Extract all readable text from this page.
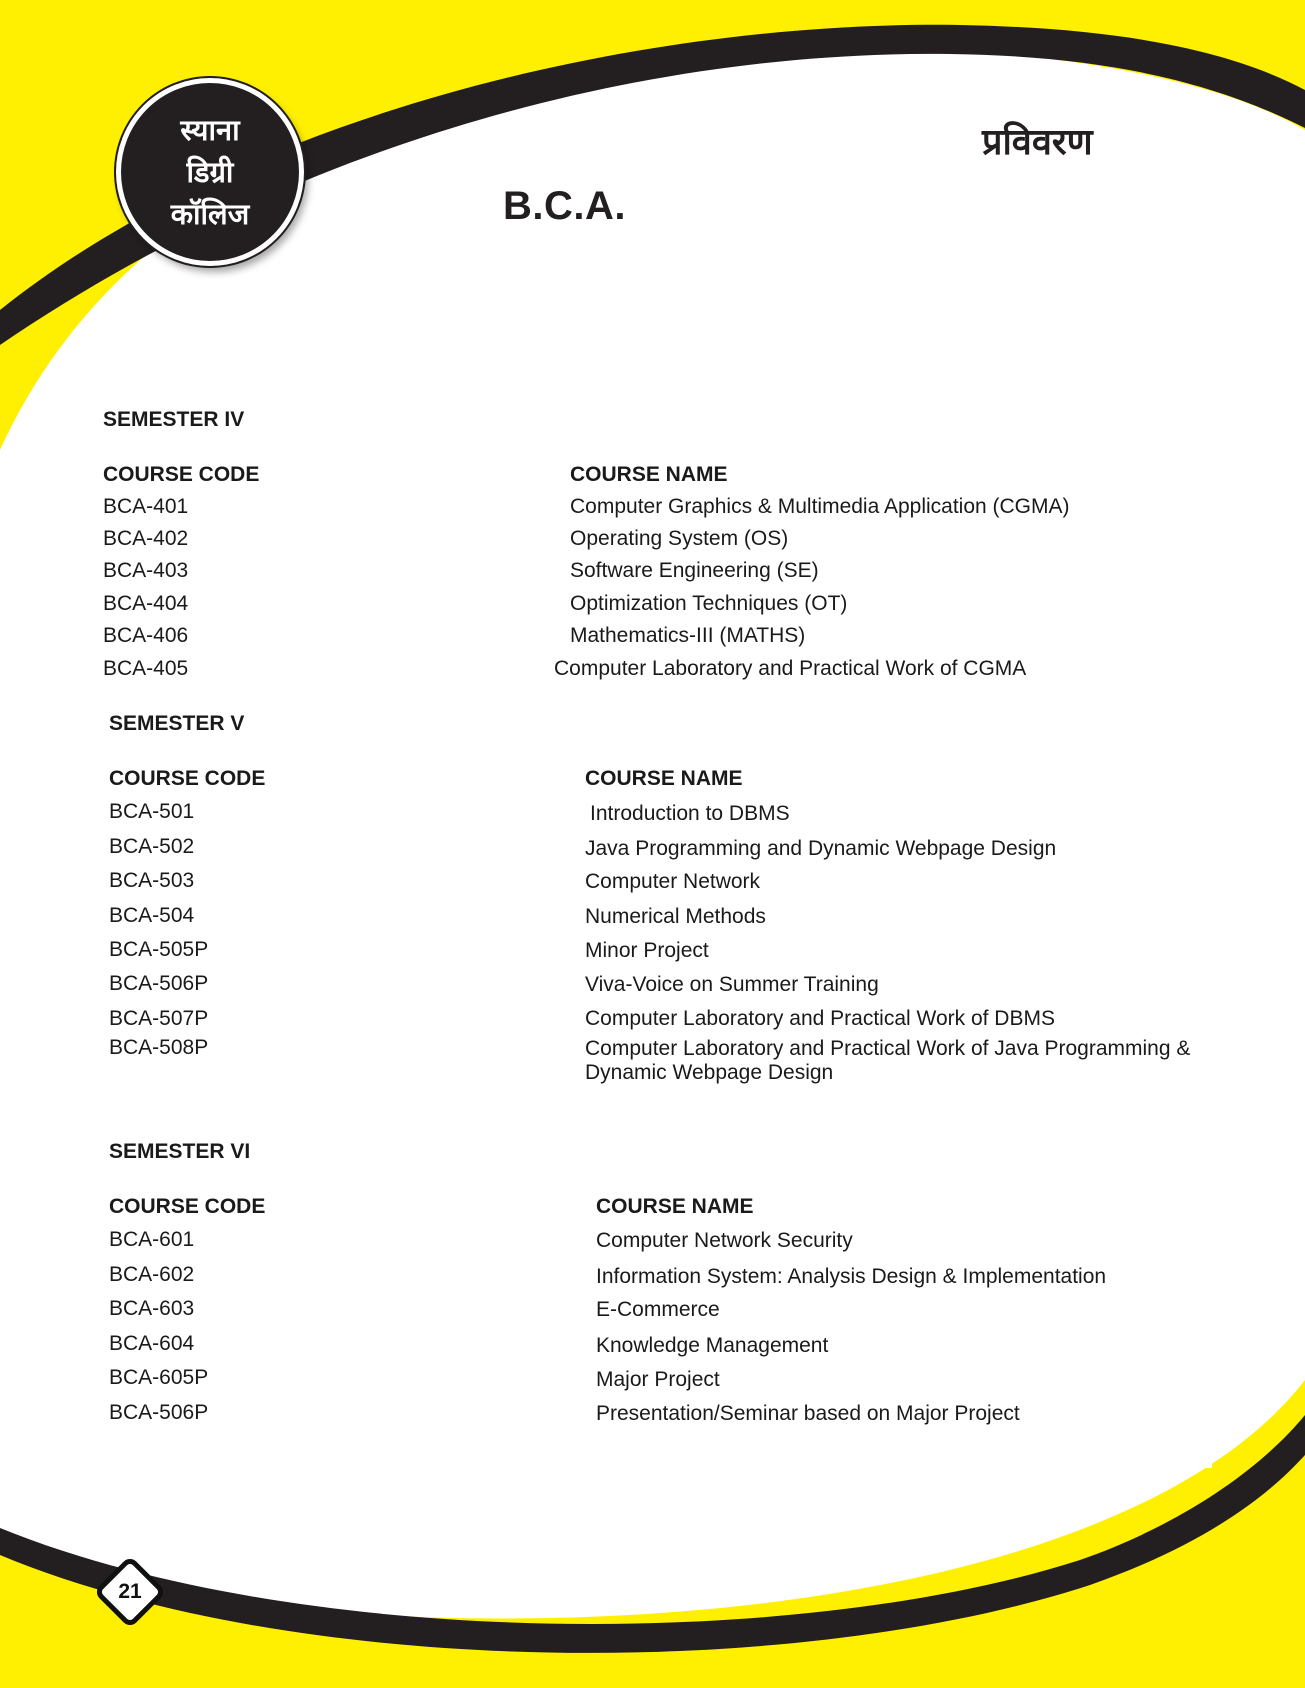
स्याना
डिग्री
कॉलिज
प्रविवरण
B.C.A.
SEMESTER IV
COURSE CODE	COURSE NAME
BCA-401	Computer Graphics & Multimedia Application (CGMA)
BCA-402	Operating System (OS)
BCA-403	Software Engineering (SE)
BCA-404	Optimization Techniques (OT)
BCA-406	Mathematics-III (MATHS)
BCA-405	Computer Laboratory and Practical Work of CGMA
SEMESTER V
COURSE CODE	COURSE NAME
BCA-501	Introduction to DBMS
BCA-502	Java Programming and Dynamic Webpage Design
BCA-503	Computer Network
BCA-504	Numerical Methods
BCA-505P	Minor Project
BCA-506P	Viva-Voice on Summer Training
BCA-507P	Computer Laboratory and Practical Work of DBMS
BCA-508P	Computer Laboratory and Practical Work of Java Programming & Dynamic Webpage Design
SEMESTER VI
COURSE CODE	COURSE NAME
BCA-601	Computer Network Security
BCA-602	Information System: Analysis Design & Implementation
BCA-603	E-Commerce
BCA-604	Knowledge Management
BCA-605P	Major Project
BCA-506P	Presentation/Seminar based on Major Project
21
